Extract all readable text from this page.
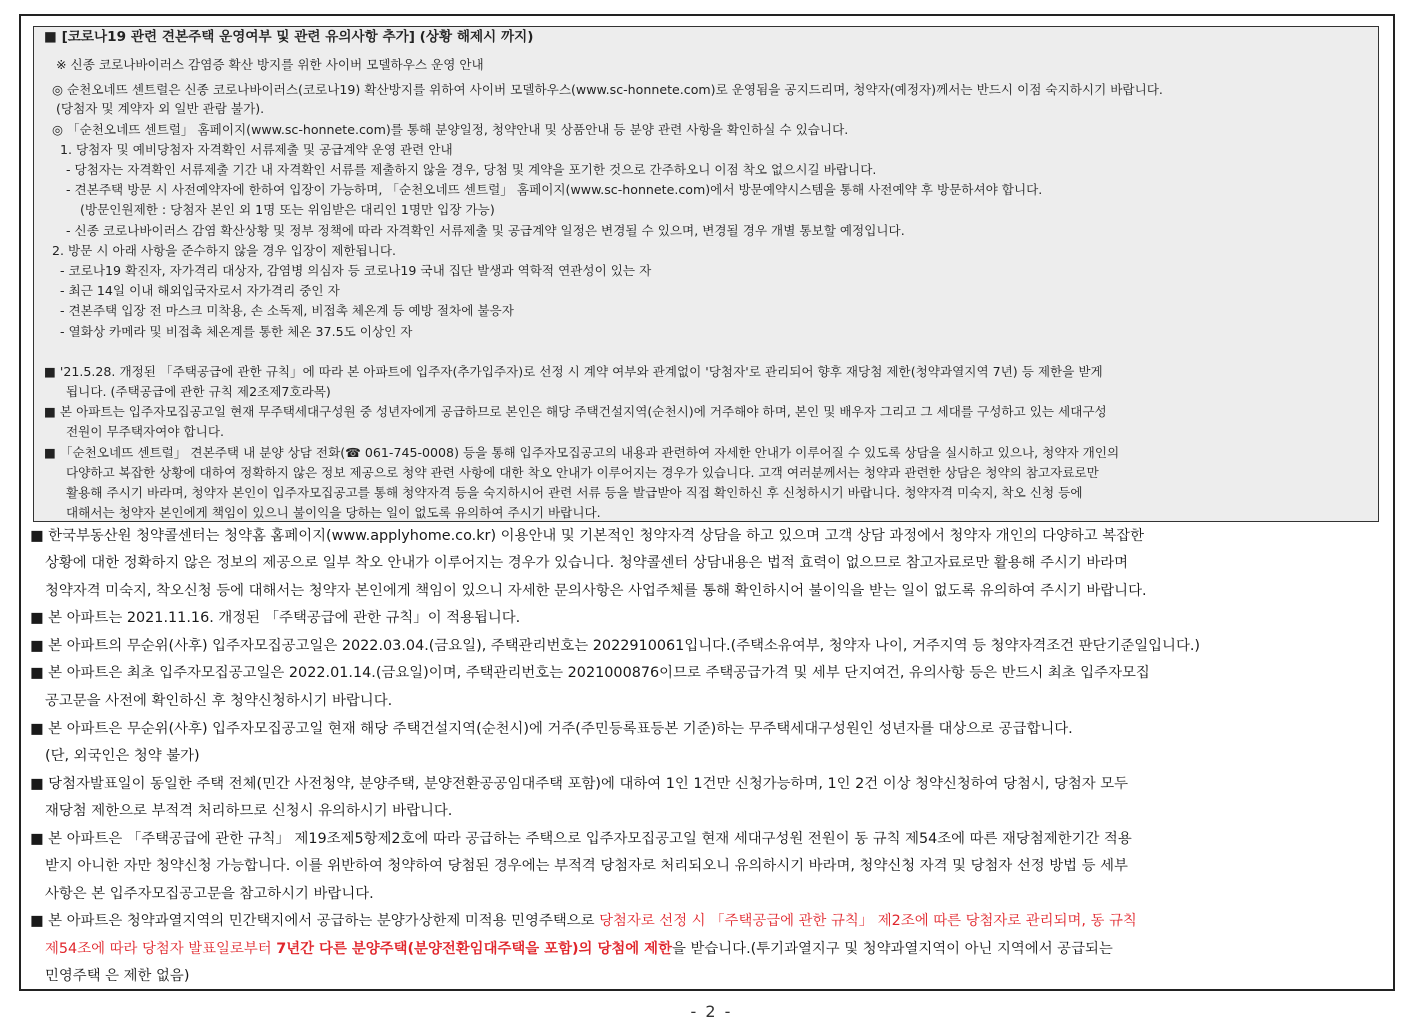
■ [코로나19 관련 견본주택 운영여부 및 관련 유의사항 추가] (상황 해제시 까지)
※ 신종 코로나바이러스 감염증 확산 방지를 위한 사이버 모델하우스 운영 안내
◎ 순천오네뜨 센트럴은 신종 코로나바이러스(코로나19) 확산방지를 위하여 사이버 모델하우스(www.sc-honnete.com)로 운영됨을 공지드리며, 청약자(예정자)께서는 반드시 이점 숙지하시기 바랍니다.
(당첨자 및 계약자 외 일반 관람 불가).
◎ 「순천오네뜨 센트럴」 홈페이지(www.sc-honnete.com)를 통해 분양일정, 청약안내 및 상품안내 등 분양 관련 사항을 확인하실 수 있습니다.
1. 당첨자 및 예비당첨자 자격확인 서류제출 및 공급계약 운영 관련 안내
- 당첨자는 자격확인 서류제출 기간 내 자격확인 서류를 제출하지 않을 경우, 당첨 및 계약을 포기한 것으로 간주하오니 이점 착오 없으시길 바랍니다.
- 견본주택 방문 시 사전예약자에 한하여 입장이 가능하며, 「순천오네뜨 센트럴」 홈페이지(www.sc-honnete.com)에서 방문예약시스템을 통해 사전예약 후 방문하셔야 합니다.
(방문인원제한 : 당첨자 본인 외 1명 또는 위임받은 대리인 1명만 입장 가능)
- 신종 코로나바이러스 감염 확산상황 및 정부 정책에 따라 자격확인 서류제출 및 공급계약 일정은 변경될 수 있으며, 변경될 경우 개별 통보할 예정입니다.
2. 방문 시 아래 사항을 준수하지 않을 경우 입장이 제한됩니다.
- 코로나19 확진자, 자가격리 대상자, 감염병 의심자 등 코로나19 국내 집단 발생과 역학적 연관성이 있는 자
- 최근 14일 이내 해외입국자로서 자가격리 중인 자
- 견본주택 입장 전 마스크 미착용, 손 소독제, 비접촉 체온계 등 예방 절차에 불응자
- 열화상 카메라 및 비접촉 체온계를 통한 체온 37.5도 이상인 자
■ '21.5.28. 개정된 「주택공급에 관한 규칙」에 따라 본 아파트에 입주자(추가입주자)로 선정 시 계약 여부와 관계없이 '당첨자'로 관리되어 향후 재당첨 제한(청약과열지역 7년) 등 제한을 받게
됩니다. (주택공급에 관한 규칙 제2조제7호라목)
■ 본 아파트는 입주자모집공고일 현재 무주택세대구성원 중 성년자에게 공급하므로 본인은 해당 주택건설지역(순천시)에 거주해야 하며, 본인 및 배우자 그리고 그 세대를 구성하고 있는 세대구성
전원이 무주택자여야 합니다.
■ 「순천오네뜨 센트럴」 견본주택 내 분양 상담 전화(☎ 061-745-0008) 등을 통해 입주자모집공고의 내용과 관련하여 자세한 안내가 이루어질 수 있도록 상담을 실시하고 있으나, 청약자 개인의
다양하고 복잡한 상황에 대하여 정확하지 않은 정보 제공으로 청약 관련 사항에 대한 착오 안내가 이루어지는 경우가 있습니다. 고객 여러분께서는 청약과 관련한 상담은 청약의 참고자료로만
활용해 주시기 바라며, 청약자 본인이 입주자모집공고를 통해 청약자격 등을 숙지하시어 관련 서류 등을 발급받아 직접 확인하신 후 신청하시기 바랍니다. 청약자격 미숙지, 착오 신청 등에
대해서는 청약자 본인에게 책임이 있으니 불이익을 당하는 일이 없도록 유의하여 주시기 바랍니다.
■ 한국부동산원 청약콜센터는 청약홈 홈페이지(www.applyhome.co.kr) 이용안내 및 기본적인 청약자격 상담을 하고 있으며 고객 상담 과정에서 청약자 개인의 다양하고 복잡한
상황에 대한 정확하지 않은 정보의 제공으로 일부 착오 안내가 이루어지는 경우가 있습니다. 청약콜센터 상담내용은 법적 효력이 없으므로 참고자료로만 활용해 주시기 바라며
청약자격 미숙지, 착오신청 등에 대해서는 청약자 본인에게 책임이 있으니 자세한 문의사항은 사업주체를 통해 확인하시어 불이익을 받는 일이 없도록 유의하여 주시기 바랍니다.
■ 본 아파트는 2021.11.16. 개정된 「주택공급에 관한 규칙」이 적용됩니다.
■ 본 아파트의 무순위(사후) 입주자모집공고일은 2022.03.04.(금요일), 주택관리번호는 2022910061입니다.(주택소유여부, 청약자 나이, 거주지역 등 청약자격조건 판단기준일입니다.)
■ 본 아파트은 최초 입주자모집공고일은 2022.01.14.(금요일)이며, 주택관리번호는 2021000876이므로 주택공급가격 및 세부 단지여건, 유의사항 등은 반드시 최초 입주자모집
공고문을 사전에 확인하신 후 청약신청하시기 바랍니다.
■ 본 아파트은 무순위(사후) 입주자모집공고일 현재 해당 주택건설지역(순천시)에 거주(주민등록표등본 기준)하는 무주택세대구성원인 성년자를 대상으로 공급합니다.
(단, 외국인은 청약 불가)
■ 당첨자발표일이 동일한 주택 전체(민간 사전청약, 분양주택, 분양전환공공임대주택 포함)에 대하여 1인 1건만 신청가능하며, 1인 2건 이상 청약신청하여 당첨시, 당첨자 모두
재당첨 제한으로 부적격 처리하므로 신청시 유의하시기 바랍니다.
■ 본 아파트은 「주택공급에 관한 규칙」 제19조제5항제2호에 따라 공급하는 주택으로 입주자모집공고일 현재 세대구성원 전원이 동 규칙 제54조에 따른 재당첨제한기간 적용
받지 아니한 자만 청약신청 가능합니다. 이를 위반하여 청약하여 당첨된 경우에는 부적격 당첨자로 처리되오니 유의하시기 바라며, 청약신청 자격 및 당첨자 선정 방법 등 세부
사항은 본 입주자모집공고문을 참고하시기 바랍니다.
■ 본 아파트은 청약과열지역의 민간택지에서 공급하는 분양가상한제 미적용 민영주택으로 당첨자로 선정 시 「주택공급에 관한 규칙」 제2조에 따른 당첨자로 관리되며, 동 규칙
제54조에 따라 당첨자 발표일로부터 7년간 다른 분양주택(분양전환임대주택을 포함)의 당첨에 제한을 받습니다.(투기과열지구 및 청약과열지역이 아닌 지역에서 공급되는
민영주택 은 제한 없음)
- 2 -
